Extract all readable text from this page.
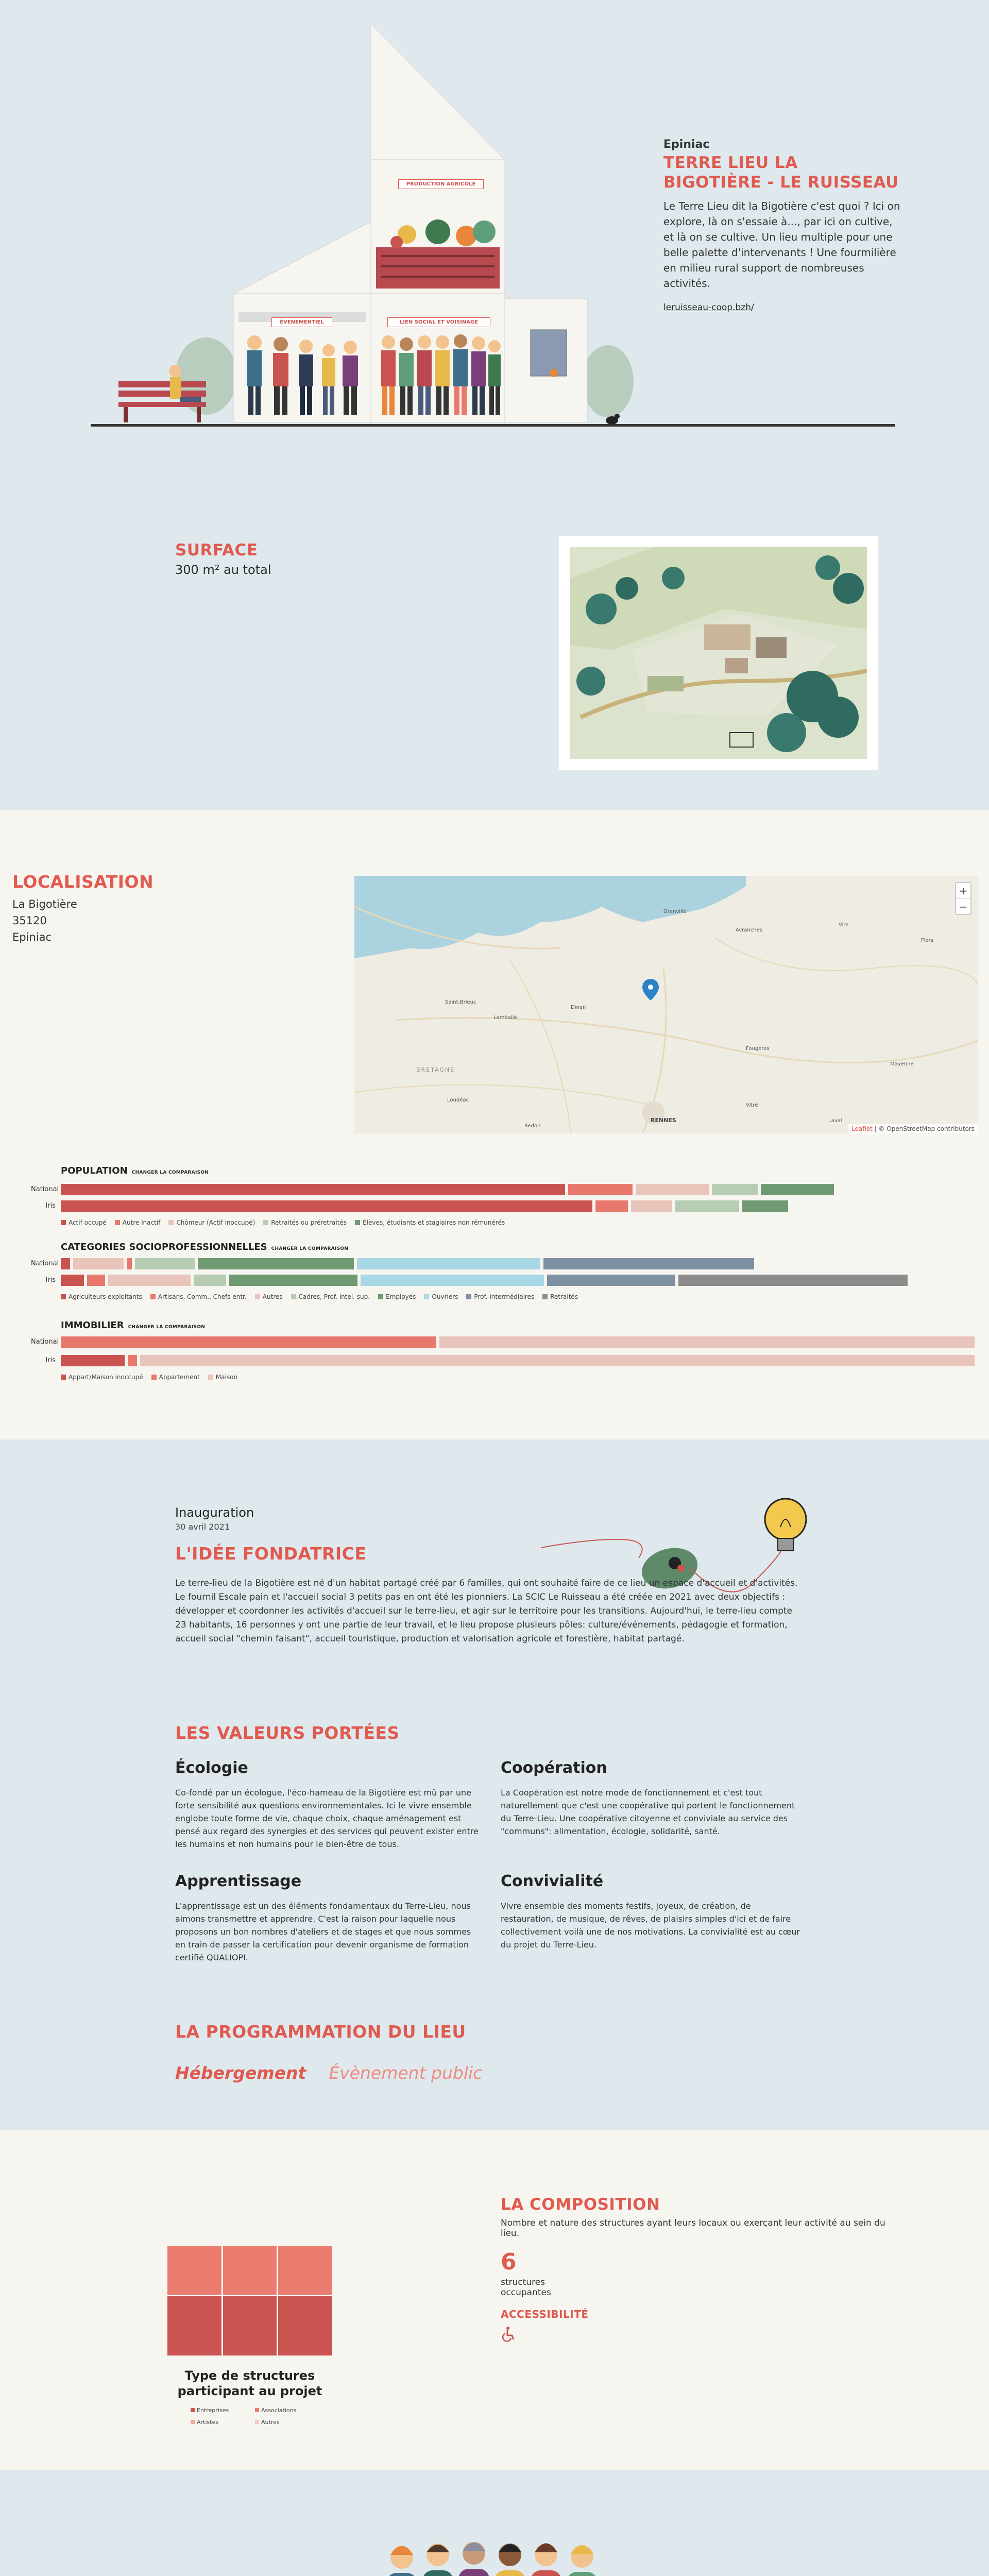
PRODUCTION AGRICOLE
ÉVÉNEMENTIEL	LIEN SOCIAL ET VOISINAGE
Epiniac
TERRE LIEU LA BIGOTIÈRE - LE RUISSEAU
Le Terre Lieu dit la Bigotière c'est quoi ? Ici on explore, là on s'essaie à..., par ici on cultive, et là on se cultive. Un lieu multiple pour une belle palette d'intervenants ! Une fourmilière en milieu rural support de nombreuses activités.
leruisseau-coop.bzh/
SURFACE

300 m² au total

LOCALISATION

La Bigotière
35120
Epiniac

Granville
Avranches
Saint-Brieuc
Lamballe
Dinan
Fougères
Vitré
RENNES
Redon
BRETAGNE
Loudéac
Laval
Mayenne
Flers
Vire
+
−
Leaflet | © OpenStreetMap contributors
POPULATION CHANGER LA COMPARAISON
National
Iris
Actif occupé	Autre inactif	Chômeur (Actif inoccupé)	Retraités ou préretraités	Élèves, étudiants et stagiaires non rémunérés
CATEGORIES SOCIOPROFESSIONNELLES CHANGER LA COMPARAISON
National
Iris
Agriculteurs exploitants	Artisans, Comm., Chefs entr.	Autres	Cadres, Prof. intel. sup.	Employés	Ouvriers	Prof. intermédiaires	Retraités
IMMOBILIER CHANGER LA COMPARAISON
National
Iris
Appart/Maison inoccupé	Appartement	Maison
Inauguration
30 avril 2021
L'IDÉE FONDATRICE

Le terre-lieu de la Bigotière est né d'un habitat partagé créé par 6 familles, qui ont souhaité faire de ce lieu un espace d'accueil et d'activités. Le fournil Escale pain et l'accueil social 3 petits pas en ont été les pionniers. La SCIC Le Ruisseau a été créée en 2021 avec deux objectifs : développer et coordonner les activités d'accueil sur le terre-lieu, et agir sur le territoire pour les transitions. Aujourd'hui, le terre-lieu compte 23 habitants, 16 personnes y ont une partie de leur travail, et le lieu propose plusieurs pôles: culture/événements, pédagogie et formation, accueil social "chemin faisant", accueil touristique, production et valorisation agricole et forestière, habitat partagé.

LES VALEURS PORTÉES
Écologie

Co-fondé par un écologue, l'éco-hameau de la Bigotière est mû par une forte sensibilité aux questions environnementales. Ici le vivre ensemble englobe toute forme de vie, chaque choix, chaque aménagement est pensé aux regard des synergies et des services qui peuvent exister entre les humains et non humains pour le bien-être de tous.

Coopération

La Coopération est notre mode de fonctionnement et c'est tout naturellement que c'est une coopérative qui portent le fonctionnement du Terre-Lieu. Une coopérative citoyenne et conviviale au service des "communs": alimentation, écologie, solidarité, santé.

Apprentissage

L'apprentissage est un des éléments fondamentaux du Terre-Lieu, nous aimons transmettre et apprendre. C'est la raison pour laquelle nous proposons un bon nombres d'ateliers et de stages et que nous sommes en train de passer la certification pour devenir organisme de formation certifié QUALIOPI.

Convivialité

Vivre ensemble des moments festifs, joyeux, de création, de restauration, de musique, de rêves, de plaisirs simples d'ici et de faire collectivement voilà une de nos motivations. La convivialité est au cœur du projet du Terre-Lieu.

LA PROGRAMMATION DU LIEU
Hébergement Évènement public
Type de structures participant au projet
Entreprises	Associations
Artistes	Autres
LA COMPOSITION
Nombre et nature des structures ayant leurs locaux ou exerçant leur activité au sein du lieu.
6
structures occupantes
ACCESSIBILITÉ
